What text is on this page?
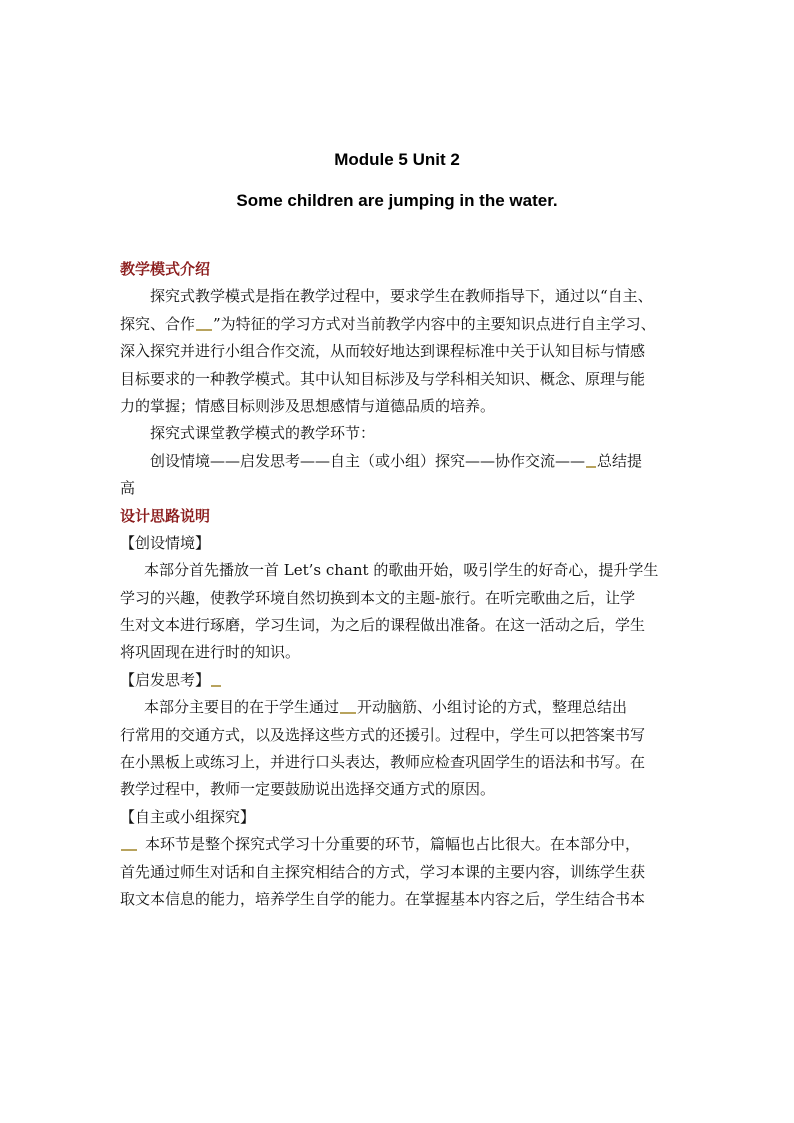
Module 5 Unit 2
Some children are jumping in the water.
教学模式介绍
探究式教学模式是指在教学过程中，要求学生在教师指导下，通过以“自主、
探究、合作 ”为特征的学习方式对当前教学内容中的主要知识点进行自主学习、
深入探究并进行小组合作交流，从而较好地达到课程标准中关于认知目标与情感
目标要求的一种教学模式。其中认知目标涉及与学科相关知识、概念、原理与能
力的掌握；情感目标则涉及思想感情与道德品质的培养。
探究式课堂教学模式的教学环节：
创设情境——启发思考——自主（或小组）探究——协作交流—— 总结提
高
设计思路说明
【创设情境】
本部分首先播放一首 Let’s chant 的歌曲开始，吸引学生的好奇心，提升学生
学习的兴趣，使教学环境自然切换到本文的主题-旅行。在听完歌曲之后，让学
生对文本进行琢磨，学习生词，为之后的课程做出准备。在这一活动之后，学生
将巩固现在进行时的知识。
【启发思考】
本部分主要目的在于学生通过 开动脑筋、小组讨论的方式，整理总结出
行常用的交通方式，以及选择这些方式的还援引。过程中，学生可以把答案书写
在小黑板上或练习上，并进行口头表达，教师应检查巩固学生的语法和书写。在
教学过程中，教师一定要鼓励说出选择交通方式的原因。
【自主或小组探究】
本环节是整个探究式学习十分重要的环节，篇幅也占比很大。在本部分中，
首先通过师生对话和自主探究相结合的方式，学习本课的主要内容，训练学生获
取文本信息的能力，培养学生自学的能力。在掌握基本内容之后，学生结合书本
